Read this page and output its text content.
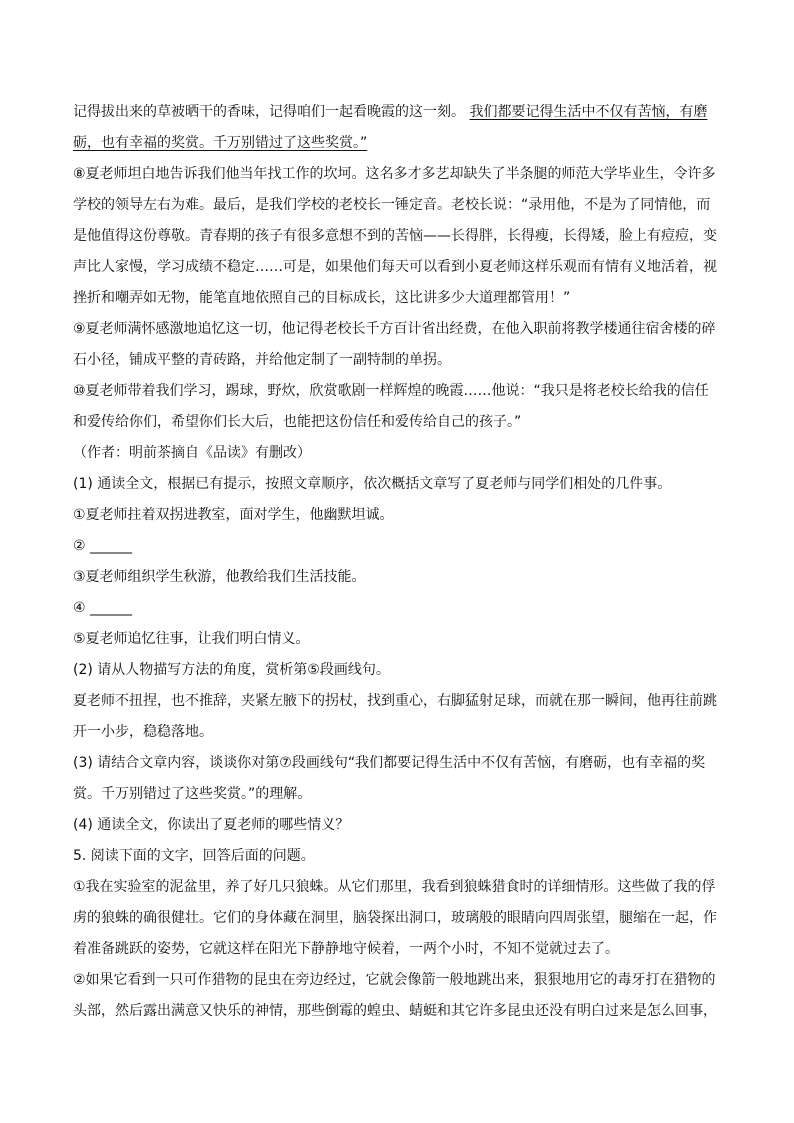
记得拔出来的草被晒干的香味，记得咱们一起看晚霞的这一刻。 我们都要记得生活中不仅有苦恼，有磨
砺，也有幸福的奖赏。千万别错过了这些奖赏。”
⑧夏老师坦白地告诉我们他当年找工作的坎坷。这名多才多艺却缺失了半条腿的师范大学毕业生，令许多
学校的领导左右为难。最后，是我们学校的老校长一锤定音。老校长说：“录用他，不是为了同情他，而
是他值得这份尊敬。青春期的孩子有很多意想不到的苦恼——长得胖，长得瘦，长得矮，脸上有痘痘，变
声比人家慢，学习成绩不稳定……可是，如果他们每天可以看到小夏老师这样乐观而有情有义地活着，视
挫折和嘲弄如无物，能笔直地依照自己的目标成长，这比讲多少大道理都管用！”
⑨夏老师满怀感激地追忆这一切，他记得老校长千方百计省出经费，在他入职前将教学楼通往宿舍楼的碎
石小径，铺成平整的青砖路，并给他定制了一副特制的单拐。
⑩夏老师带着我们学习，踢球，野炊，欣赏歌剧一样辉煌的晚霞……他说：“我只是将老校长给我的信任
和爱传给你们，希望你们长大后，也能把这份信任和爱传给自己的孩子。”
（作者：明前茶摘自《品读》有删改）
(1) 通读全文，根据已有提示，按照文章顺序，依次概括文章写了夏老师与同学们相处的几件事。
①夏老师拄着双拐进教室，面对学生，他幽默坦诚。
② ______
③夏老师组织学生秋游，他教给我们生活技能。
④ ______
⑤夏老师追忆往事，让我们明白情义。
(2) 请从人物描写方法的角度，赏析第⑤段画线句。
夏老师不扭捏，也不推辞，夹紧左腋下的拐杖，找到重心，右脚猛射足球，而就在那一瞬间，他再往前跳
开一小步，稳稳落地。
(3) 请结合文章内容，谈谈你对第⑦段画线句“我们都要记得生活中不仅有苦恼，有磨砺，也有幸福的奖
赏。千万别错过了这些奖赏。”的理解。
(4) 通读全文，你读出了夏老师的哪些情义？
5. 阅读下面的文字，回答后面的问题。
①我在实验室的泥盆里，养了好几只狼蛛。从它们那里，我看到狼蛛猎食时的详细情形。这些做了我的俘
虏的狼蛛的确很健壮。它们的身体藏在洞里，脑袋探出洞口，玻璃般的眼睛向四周张望，腿缩在一起，作
着准备跳跃的姿势，它就这样在阳光下静静地守候着，一两个小时，不知不觉就过去了。
②如果它看到一只可作猎物的昆虫在旁边经过，它就会像箭一般地跳出来，狠狠地用它的毒牙打在猎物的
头部，然后露出满意又快乐的神情，那些倒霉的蝗虫、蜻蜓和其它许多昆虫还没有明白过来是怎么回事，
